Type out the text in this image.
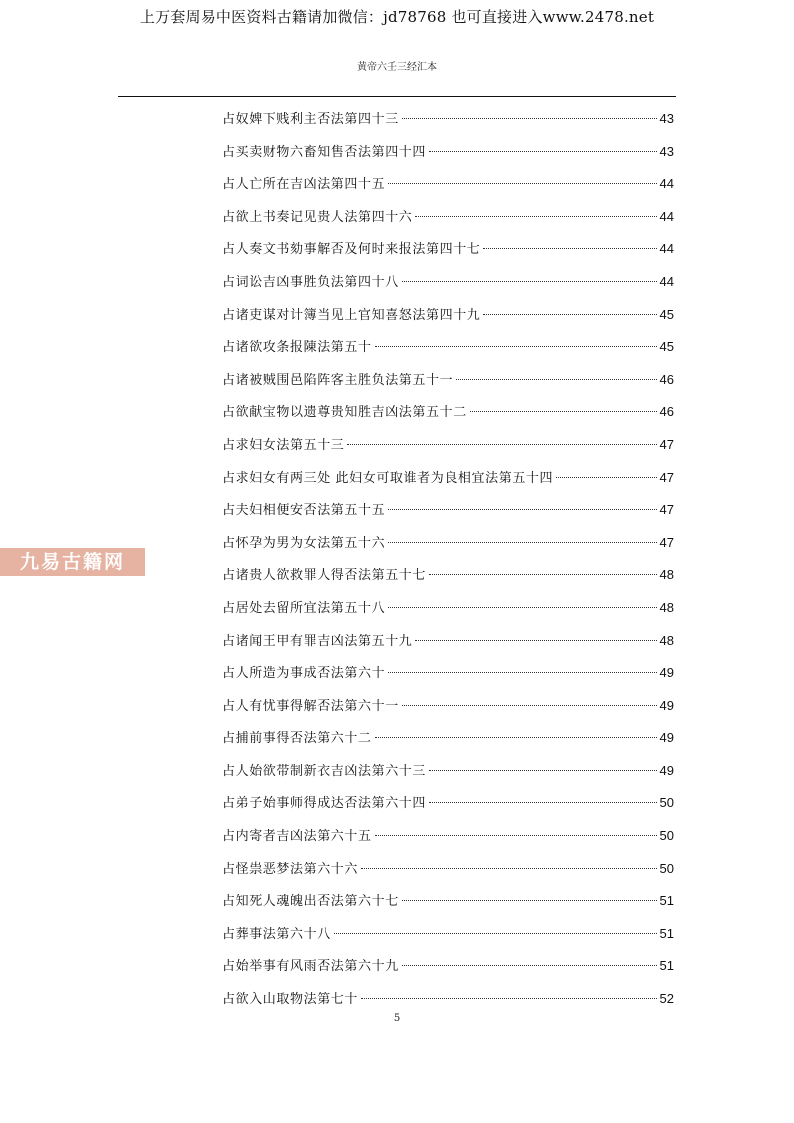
上万套周易中医资料古籍请加微信：jd78768 也可直接进入www.2478.net
黄帝六壬三经汇本
占奴婢下贱利主否法第四十三	43
占买卖财物六畜知售否法第四十四	43
占人亡所在吉凶法第四十五	44
占欲上书奏记见贵人法第四十六	44
占人奏文书劾事解否及何时来报法第四十七	44
占词讼吉凶事胜负法第四十八	44
占诸吏谋对计簿当见上官知喜怒法第四十九	45
占诸欲攻条报陳法第五十	45
占诸被贼围邑陷阵客主胜负法第五十一	46
占欲献宝物以遗尊贵知胜吉凶法第五十二	46
占求妇女法第五十三	47
占求妇女有两三处 此妇女可取谁者为良相宜法第五十四	47
占夫妇相便安否法第五十五	47
占怀孕为男为女法第五十六	47
占诸贵人欲救罪人得否法第五十七	48
占居处去留所宜法第五十八	48
占诸闻王甲有罪吉凶法第五十九	48
占人所造为事成否法第六十	49
占人有忧事得解否法第六十一	49
占捕前事得否法第六十二	49
占人始欲带制新衣吉凶法第六十三	49
占弟子始事师得成达否法第六十四	50
占内寄者吉凶法第六十五	50
占怪祟恶梦法第六十六	50
占知死人魂魄出否法第六十七	51
占葬事法第六十八	51
占始举事有风雨否法第六十九	51
占欲入山取物法第七十	52
九易古籍网
5
